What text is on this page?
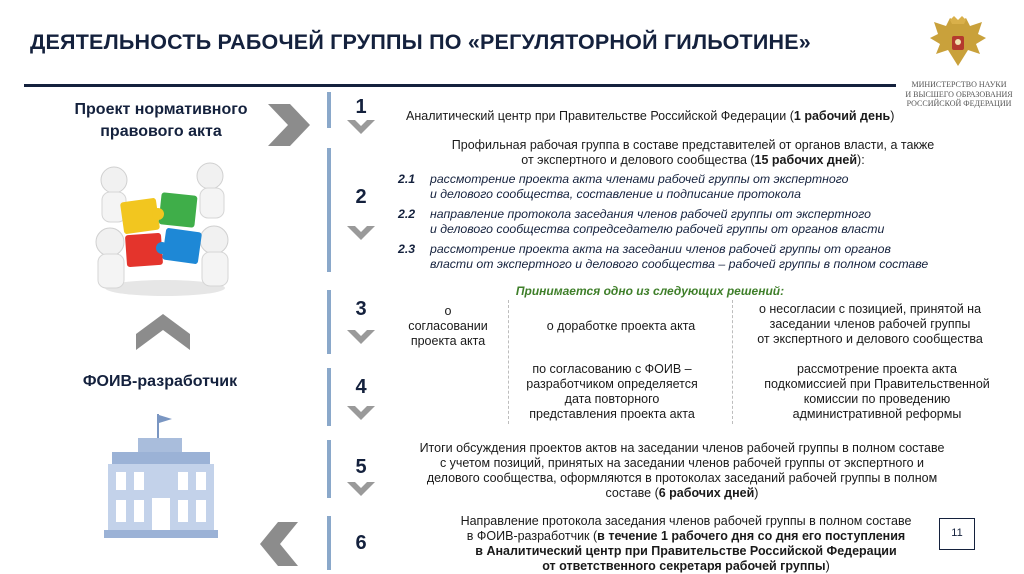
ДЕЯТЕЛЬНОСТЬ РАБОЧЕЙ ГРУППЫ ПО «РЕГУЛЯТОРНОЙ ГИЛЬОТИНЕ»
МИНИСТЕРСТВО НАУКИ
И ВЫСШЕГО ОБРАЗОВАНИЯ
РОССИЙСКОЙ ФЕДЕРАЦИИ
Проект нормативного
правового акта
ФОИВ-разработчик
1
2
3
4
5
6
Аналитический центр при Правительстве Российской Федерации (1 рабочий день)
Профильная рабочая группа в составе представителей от органов власти, а также
от экспертного и делового сообщества (15 рабочих дней):
2.1 рассмотрение проекта акта членами рабочей группы от экспертного
и делового сообщества, составление и подписание протокола
2.2 направление протокола заседания членов рабочей группы от экспертного
и делового сообщества сопредседателю рабочей группы от органов власти
2.3 рассмотрение проекта акта на заседании членов рабочей группы от органов
власти от экспертного и делового сообщества – рабочей группы в полном составе
Принимается одно из следующих решений:
о
согласовании
проекта акта
о доработке проекта акта
о несогласии с позицией, принятой на
заседании членов рабочей группы
от экспертного и делового сообщества
по согласованию с ФОИВ –
разработчиком определяется
дата повторного
представления проекта акта
рассмотрение проекта акта
подкомиссией при Правительственной
комиссии по проведению
административной реформы
Итоги обсуждения проектов актов на заседании членов рабочей группы в полном составе
с учетом позиций, принятых на заседании членов рабочей группы от экспертного и
делового сообщества, оформляются в протоколах заседаний рабочей группы в полном
составе (6 рабочих дней)
Направление протокола заседания членов рабочей группы в полном составе
в ФОИВ-разработчик (в течение 1 рабочего дня со дня его поступления
в Аналитический центр при Правительстве Российской Федерации
от ответственного секретаря рабочей группы)
11
